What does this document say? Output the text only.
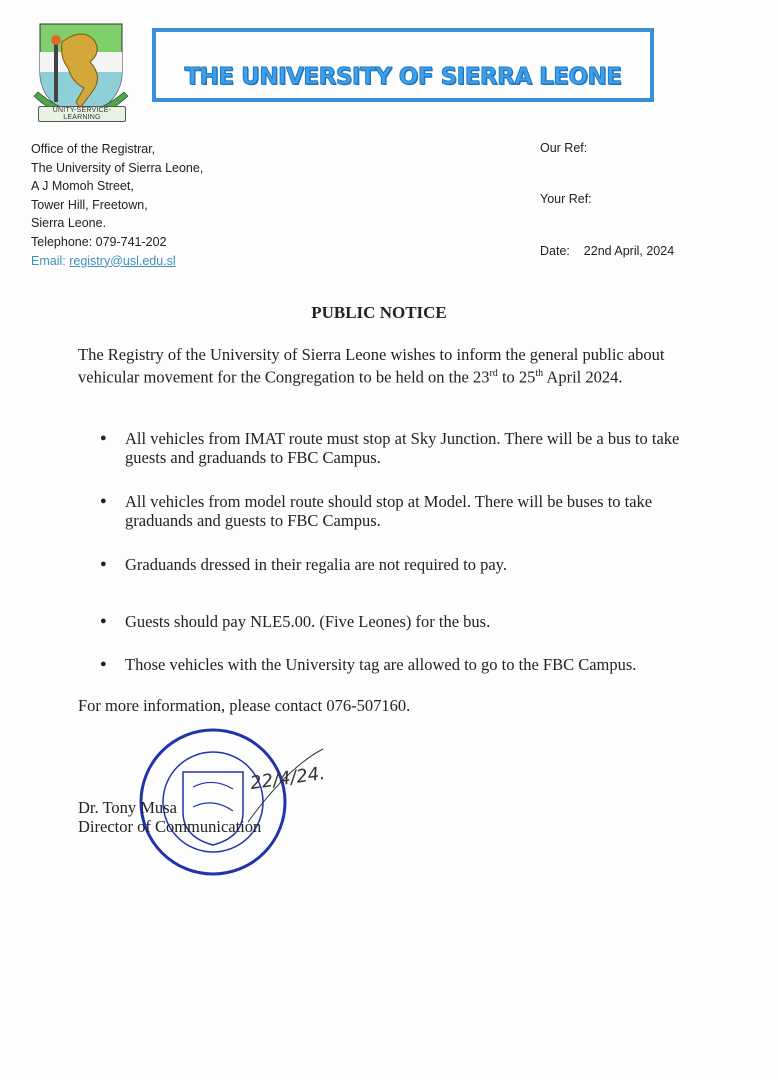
UNITY-SERVICE-LEARNING
THE UNIVERSITY OF SIERRA LEONE
Office of the Registrar,
The University of Sierra Leone,
A J Momoh Street,
Tower Hill, Freetown,
Sierra Leone.
Telephone: 079-741-202
Email: registry@usl.edu.sl
Our Ref:
Your Ref:
Date: 22nd April, 2024
PUBLIC NOTICE
The Registry of the University of Sierra Leone wishes to inform the general public about vehicular movement for the Congregation to be held on the 23rd to 25th April 2024.
●	All vehicles from IMAT route must stop at Sky Junction. There will be a bus to take guests and graduands to FBC Campus.
●	All vehicles from model route should stop at Model. There will be buses to take graduands and guests to FBC Campus.
●	Graduands dressed in their regalia are not required to pay.
●	Guests should pay NLE5.00. (Five Leones) for the bus.
●	Those vehicles with the University tag are allowed to go to the FBC Campus.
For more information, please contact 076-507160.
22/4/24.
Dr. Tony Musa
Director of Communication
